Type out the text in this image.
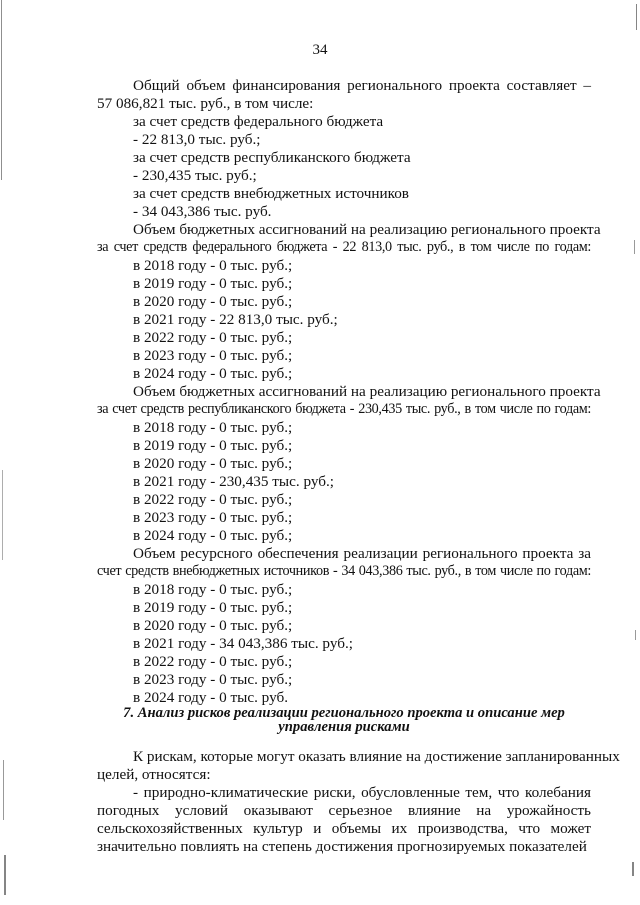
34
Общий объем финансирования регионального проекта составляет –
57 086,821 тыс. руб., в том числе:
за счет средств федерального бюджета
- 22 813,0 тыс. руб.;
за счет средств республиканского бюджета
- 230,435 тыс. руб.;
за счет средств внебюджетных источников
- 34 043,386 тыс. руб.
Объем бюджетных ассигнований на реализацию регионального проекта
за счет средств федерального бюджета - 22 813,0 тыс. руб., в том числе по годам:
в 2018 году - 0 тыс. руб.;
в 2019 году - 0 тыс. руб.;
в 2020 году - 0 тыс. руб.;
в 2021 году - 22 813,0 тыс. руб.;
в 2022 году - 0 тыс. руб.;
в 2023 году - 0 тыс. руб.;
в 2024 году - 0 тыс. руб.;
Объем бюджетных ассигнований на реализацию регионального проекта
за счет средств республиканского бюджета - 230,435 тыс. руб., в том числе по годам:
в 2018 году - 0 тыс. руб.;
в 2019 году - 0 тыс. руб.;
в 2020 году - 0 тыс. руб.;
в 2021 году - 230,435 тыс. руб.;
в 2022 году - 0 тыс. руб.;
в 2023 году - 0 тыс. руб.;
в 2024 году - 0 тыс. руб.;
Объем ресурсного обеспечения реализации регионального проекта за
счет средств внебюджетных источников - 34 043,386 тыс. руб., в том числе по годам:
в 2018 году - 0 тыс. руб.;
в 2019 году - 0 тыс. руб.;
в 2020 году - 0 тыс. руб.;
в 2021 году - 34 043,386 тыс. руб.;
в 2022 году - 0 тыс. руб.;
в 2023 году - 0 тыс. руб.;
в 2024 году - 0 тыс. руб.
7. Анализ рисков реализации регионального проекта и описание мер
управления рисками
К рискам, которые могут оказать влияние на достижение запланированных
целей, относятся:
- природно-климатические риски, обусловленные тем, что колебания
погодных условий оказывают серьезное влияние на урожайность
сельскохозяйственных культур и объемы их производства, что может
значительно повлиять на степень достижения прогнозируемых показателей
